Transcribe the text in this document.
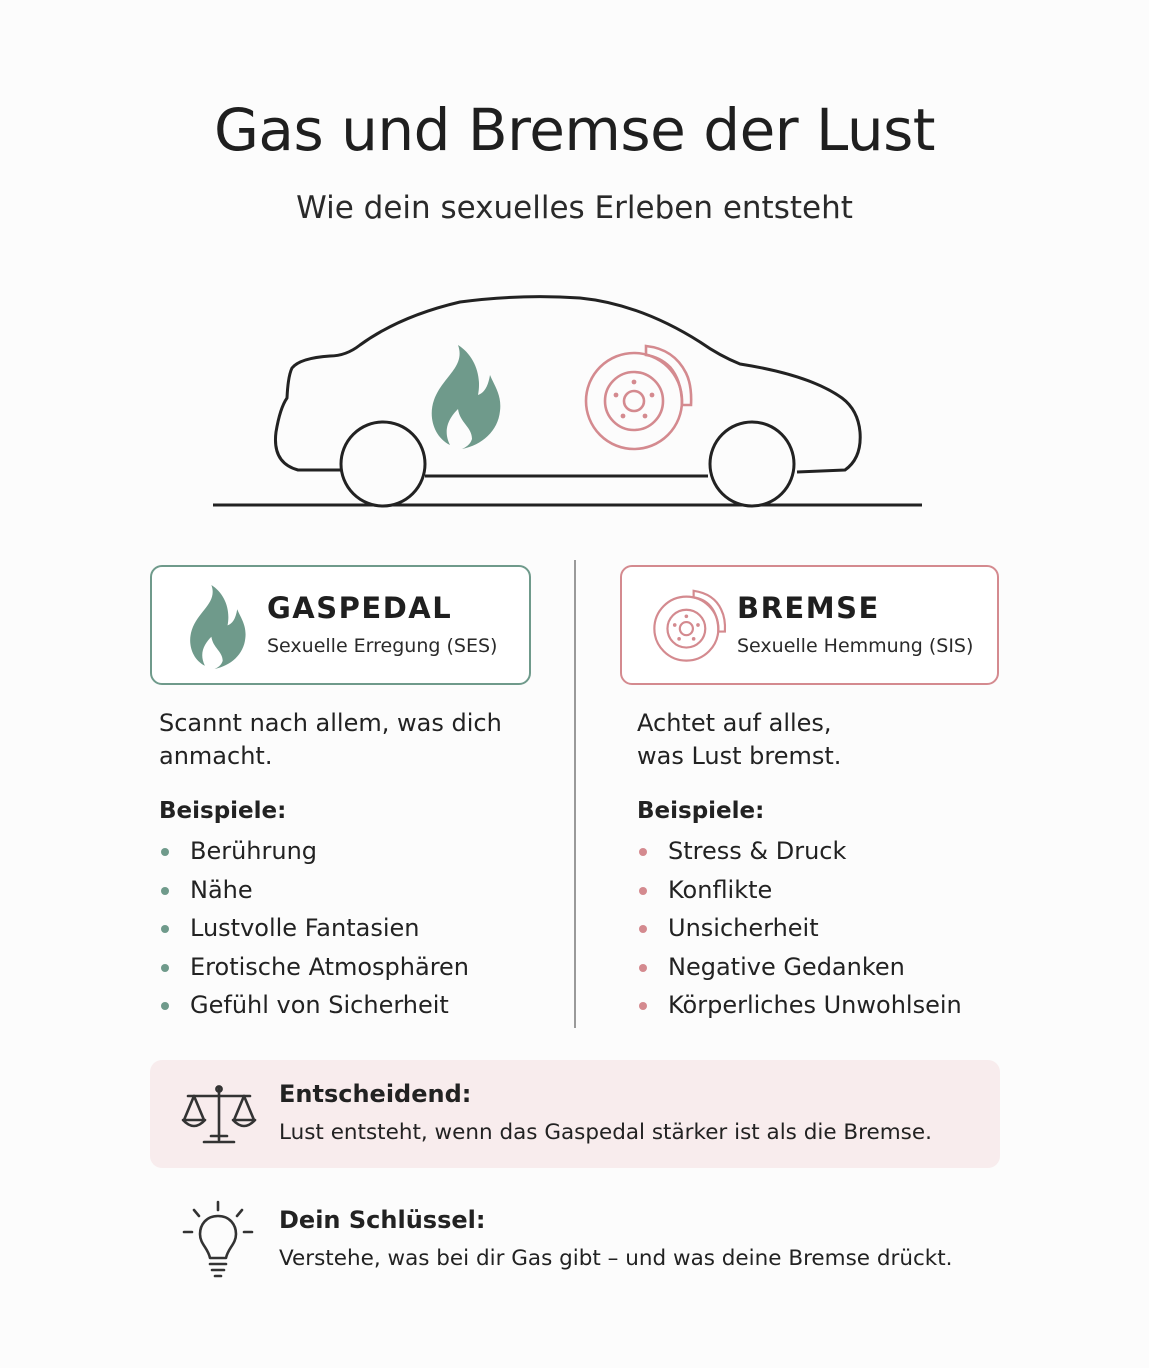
Gas und Bremse der Lust
Wie dein sexuelles Erleben entsteht
GASPEDAL
Sexuelle Erregung (SES)
BREMSE
Sexuelle Hemmung (SIS)
Scannt nach allem, was dich
anmacht.
Beispiele:
Berührung
Nähe
Lustvolle Fantasien
Erotische Atmosphären
Gefühl von Sicherheit
Achtet auf alles,
was Lust bremst.
Beispiele:
Stress & Druck
Konflikte
Unsicherheit
Negative Gedanken
Körperliches Unwohlsein
Entscheidend:
Lust entsteht, wenn das Gaspedal stärker ist als die Bremse.
Dein Schlüssel:
Verstehe, was bei dir Gas gibt – und was deine Bremse drückt.
